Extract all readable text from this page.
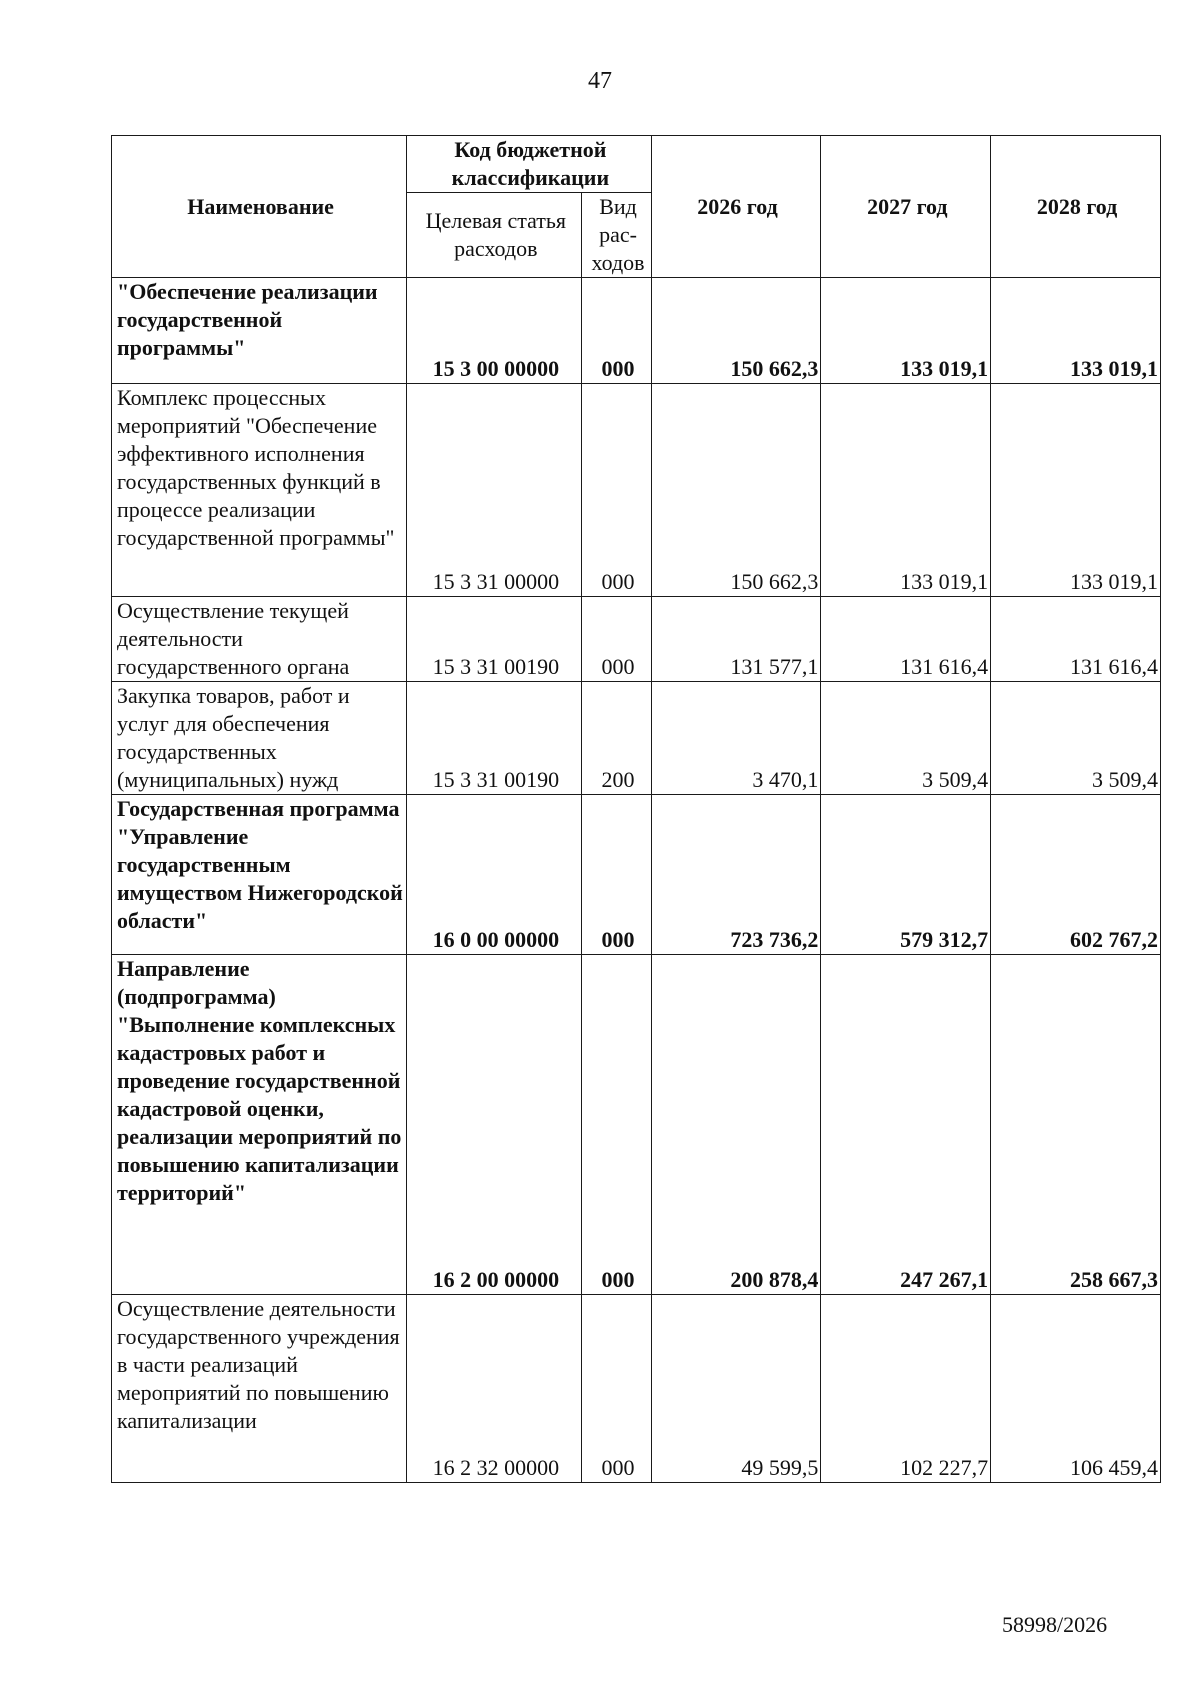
47
Наименование	Код бюджетной классификации		2026 год	2027 год	2028 год
	Целевая статья расходов	Вид рас-ходов			
"Обеспечение реализации государственной программы"	15 3 00 00000	000	150 662,3	133 019,1	133 019,1
Комплекс процессных мероприятий "Обеспечение эффективного исполнения государственных функций в процессе реализации государственной программы"	15 3 31 00000	000	150 662,3	133 019,1	133 019,1
Осуществление текущей деятельности государственного органа	15 3 31 00190	000	131 577,1	131 616,4	131 616,4
Закупка товаров, работ и услуг для обеспечения государственных (муниципальных) нужд	15 3 31 00190	200	3 470,1	3 509,4	3 509,4
Государственная программа "Управление государственным имуществом Нижегородской области"	16 0 00 00000	000	723 736,2	579 312,7	602 767,2
Направление (подпрограмма) "Выполнение комплексных кадастровых работ и проведение государственной кадастровой оценки, реализации мероприятий по повышению капитализации территорий"	16 2 00 00000	000	200 878,4	247 267,1	258 667,3
Осуществление деятельности государственного учреждения в части реализаций мероприятий по повышению капитализации	16 2 32 00000	000	49 599,5	102 227,7	106 459,4
58998/2026
